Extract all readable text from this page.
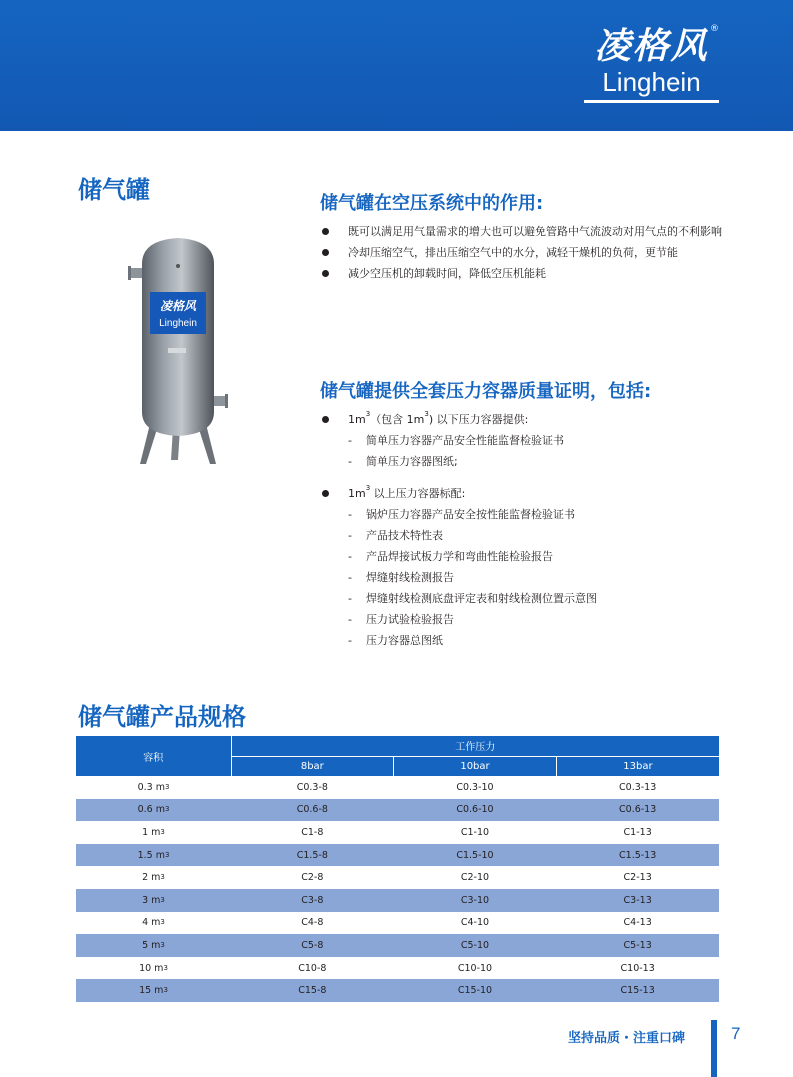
凌格风 ®
Linghein
储气罐
凌格风
Linghein
储气罐在空压系统中的作用:
既可以满足用气量需求的增大也可以避免管路中气流波动对用气点的不利影响
冷却压缩空气，排出压缩空气中的水分，减轻干燥机的负荷，更节能
减少空压机的卸载时间，降低空压机能耗
储气罐提供全套压力容器质量证明，包括:
$1m^3$（包含 $1m^3$) 以下压力容器提供:
- 简单压力容器产品安全性能监督检验证书
- 简单压力容器图纸;
$1m^3$ 以上压力容器标配:
- 锅炉压力容器产品安全按性能监督检验证书
- 产品技术特性表
- 产品焊接试板力学和弯曲性能检验报告
- 焊缝射线检测报告
- 焊缝射线检测底盘评定表和射线检测位置示意图
- 压力试验检验报告
- 压力容器总图纸
储气罐产品规格
容积	工作压力		
	8bar	10bar	13bar
0.3 $m^3$	C0.3-8	C0.3-10	C0.3-13
0.6 $m^3$	C0.6-8	C0.6-10	C0.6-13
1 $m^3$	C1-8	C1-10	C1-13
1.5 $m^3$	C1.5-8	C1.5-10	C1.5-13
2 $m^3$	C2-8	C2-10	C2-13
3 $m^3$	C3-8	C3-10	C3-13
4 $m^3$	C4-8	C4-10	C4-13
5 $m^3$	C5-8	C5-10	C5-13
10 $m^3$	C10-8	C10-10	C10-13
15 $m^3$	C15-8	C15-10	C15-13
坚持品质・注重口碑	7
